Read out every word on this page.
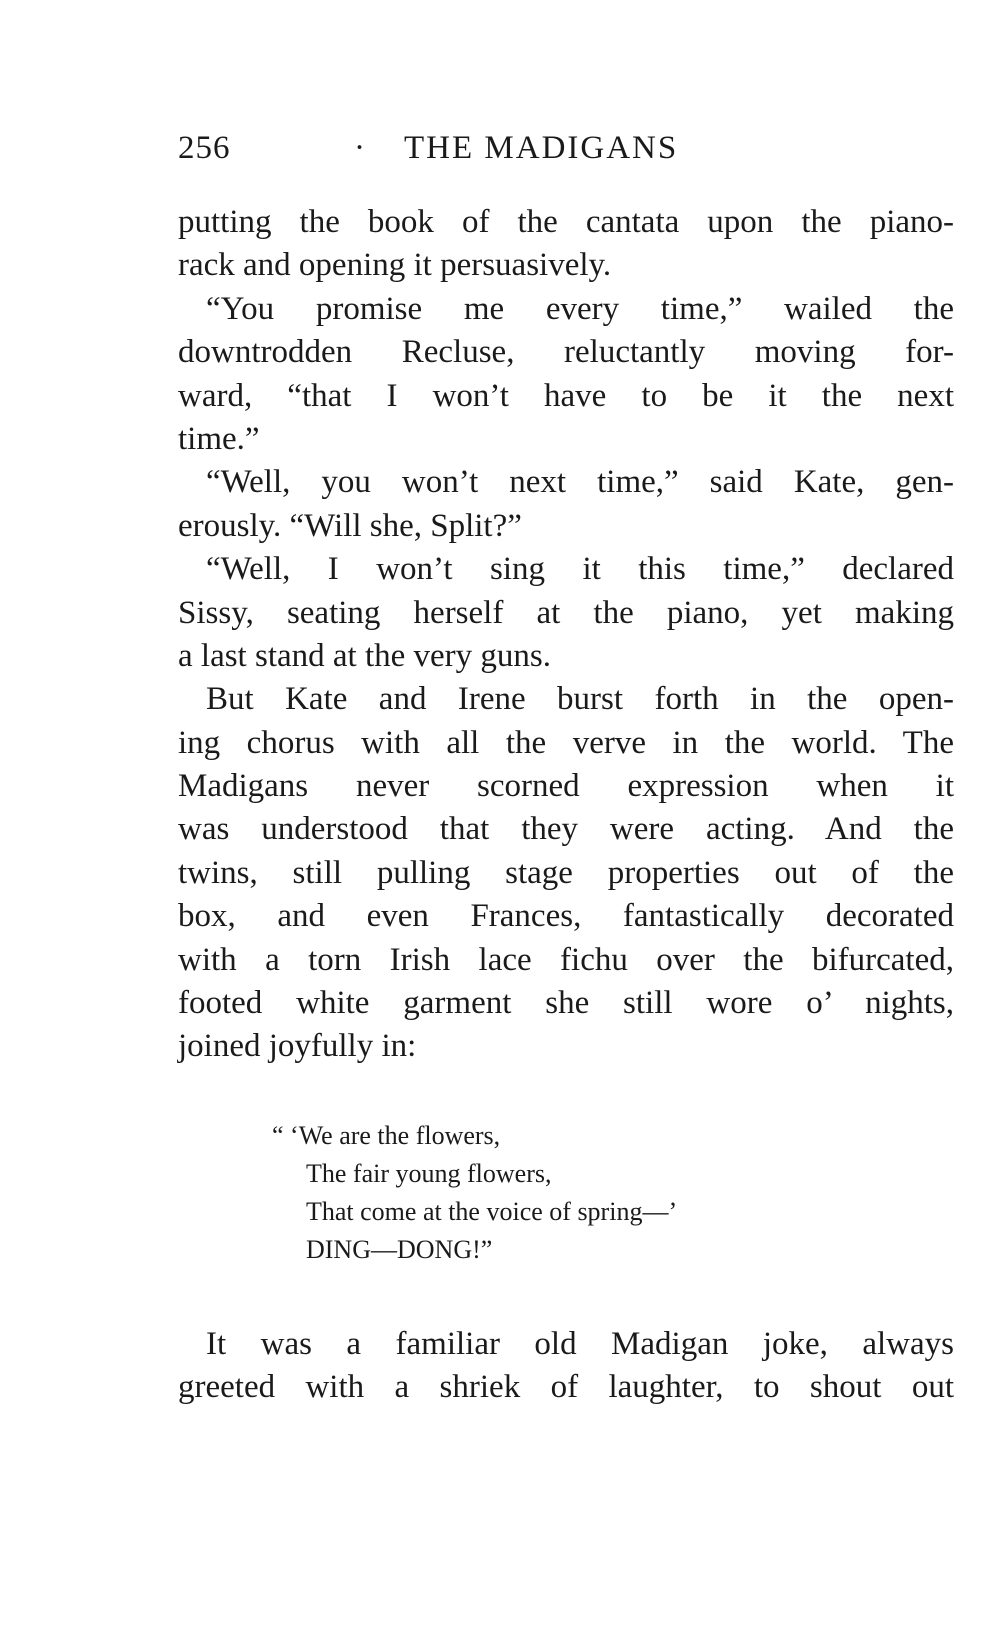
256	· THE MADIGANS
putting the book of the cantata upon the piano-
rack and opening it persuasively.
“You promise me every time,” wailed the
downtrodden Recluse, reluctantly moving for-
ward, “that I won’t have to be it the next
time.”
“Well, you won’t next time,” said Kate, gen-
erously. “Will she, Split?”
“Well, I won’t sing it this time,” declared
Sissy, seating herself at the piano, yet making
a last stand at the very guns.
But Kate and Irene burst forth in the open-
ing chorus with all the verve in the world. The
Madigans never scorned expression when it
was understood that they were acting. And the
twins, still pulling stage properties out of the
box, and even Frances, fantastically decorated
with a torn Irish lace fichu over the bifurcated,
footed white garment she still wore o’ nights,
joined joyfully in:
“ ‘We are the flowers,
The fair young flowers,
That come at the voice of spring—’
DING—DONG!”
It was a familiar old Madigan joke, always
greeted with a shriek of laughter, to shout out
